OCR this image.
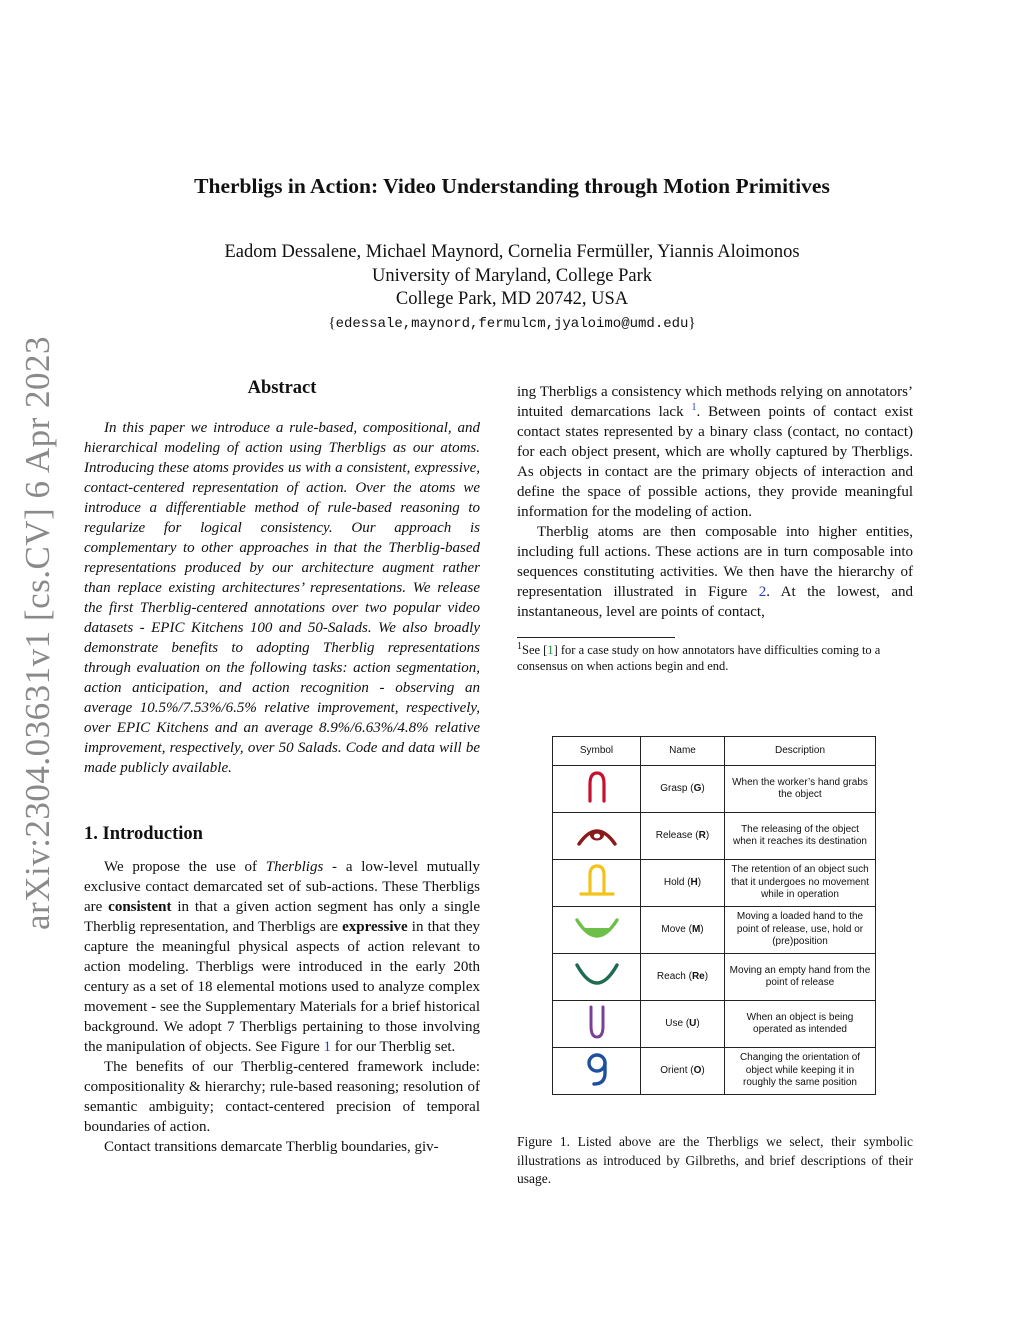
arXiv:2304.03631v1 [cs.CV] 6 Apr 2023
Therbligs in Action: Video Understanding through Motion Primitives
Eadom Dessalene, Michael Maynord, Cornelia Fermüller, Yiannis Aloimonos
University of Maryland, College Park
College Park, MD 20742, USA
{edessale,maynord,fermulcm,jyaloimo@umd.edu}
Abstract

In this paper we introduce a rule-based, compositional, and hierarchical modeling of action using Therbligs as our atoms. Introducing these atoms provides us with a consistent, expressive, contact-centered representation of action. Over the atoms we introduce a differentiable method of rule-based reasoning to regularize for logical consistency. Our approach is complementary to other approaches in that the Therblig-based representations produced by our architecture augment rather than replace existing architectures’ representations. We release the first Therblig-centered annotations over two popular video datasets - EPIC Kitchens 100 and 50-Salads. We also broadly demonstrate benefits to adopting Therblig representations through evaluation on the following tasks: action segmentation, action anticipation, and action recognition - observing an average 10.5%/7.53%/6.5% relative improvement, respectively, over EPIC Kitchens and an average 8.9%/6.63%/4.8% relative improvement, respectively, over 50 Salads. Code and data will be made publicly available.

1. Introduction

We propose the use of Therbligs - a low-level mutually exclusive contact demarcated set of sub-actions. These Therbligs are consistent in that a given action segment has only a single Therblig representation, and Therbligs are expressive in that they capture the meaningful physical aspects of action relevant to action modeling. Therbligs were introduced in the early 20th century as a set of 18 elemental motions used to analyze complex movement - see the Supplementary Materials for a brief historical background. We adopt 7 Therbligs pertaining to those involving the manipulation of objects. See Figure 1 for our Therblig set.

The benefits of our Therblig-centered framework include: compositionality & hierarchy; rule-based reasoning; resolution of semantic ambiguity; contact-centered precision of temporal boundaries of action.

Contact transitions demarcate Therblig boundaries, giv-

ing Therbligs a consistency which methods relying on annotators’ intuited demarcations lack $^1$. Between points of contact exist contact states represented by a binary class (contact, no contact) for each object present, which are wholly captured by Therbligs. As objects in contact are the primary objects of interaction and define the space of possible actions, they provide meaningful information for the modeling of action.

Therblig atoms are then composable into higher entities, including full actions. These actions are in turn composable into sequences constituting activities. We then have the hierarchy of representation illustrated in Figure 2. At the lowest, and instantaneous, level are points of contact,

$^1$See [1] for a case study on how annotators have difficulties coming to a consensus on when actions begin and end.
Symbol	Name	Description
	Grasp (G)	When the worker’s hand grabs the object
	Release (R)	The releasing of the object when it reaches its destination
	Hold (H)	The retention of an object such that it undergoes no movement while in operation
	Move (M)	Moving a loaded hand to the point of release, use, hold or (pre)position
	Reach (Re)	Moving an empty hand from the point of release
	Use (U)	When an object is being operated as intended
	Orient (O)	Changing the orientation of object while keeping it in roughly the same position
Figure 1. Listed above are the Therbligs we select, their symbolic illustrations as introduced by Gilbreths, and brief descriptions of their usage.
